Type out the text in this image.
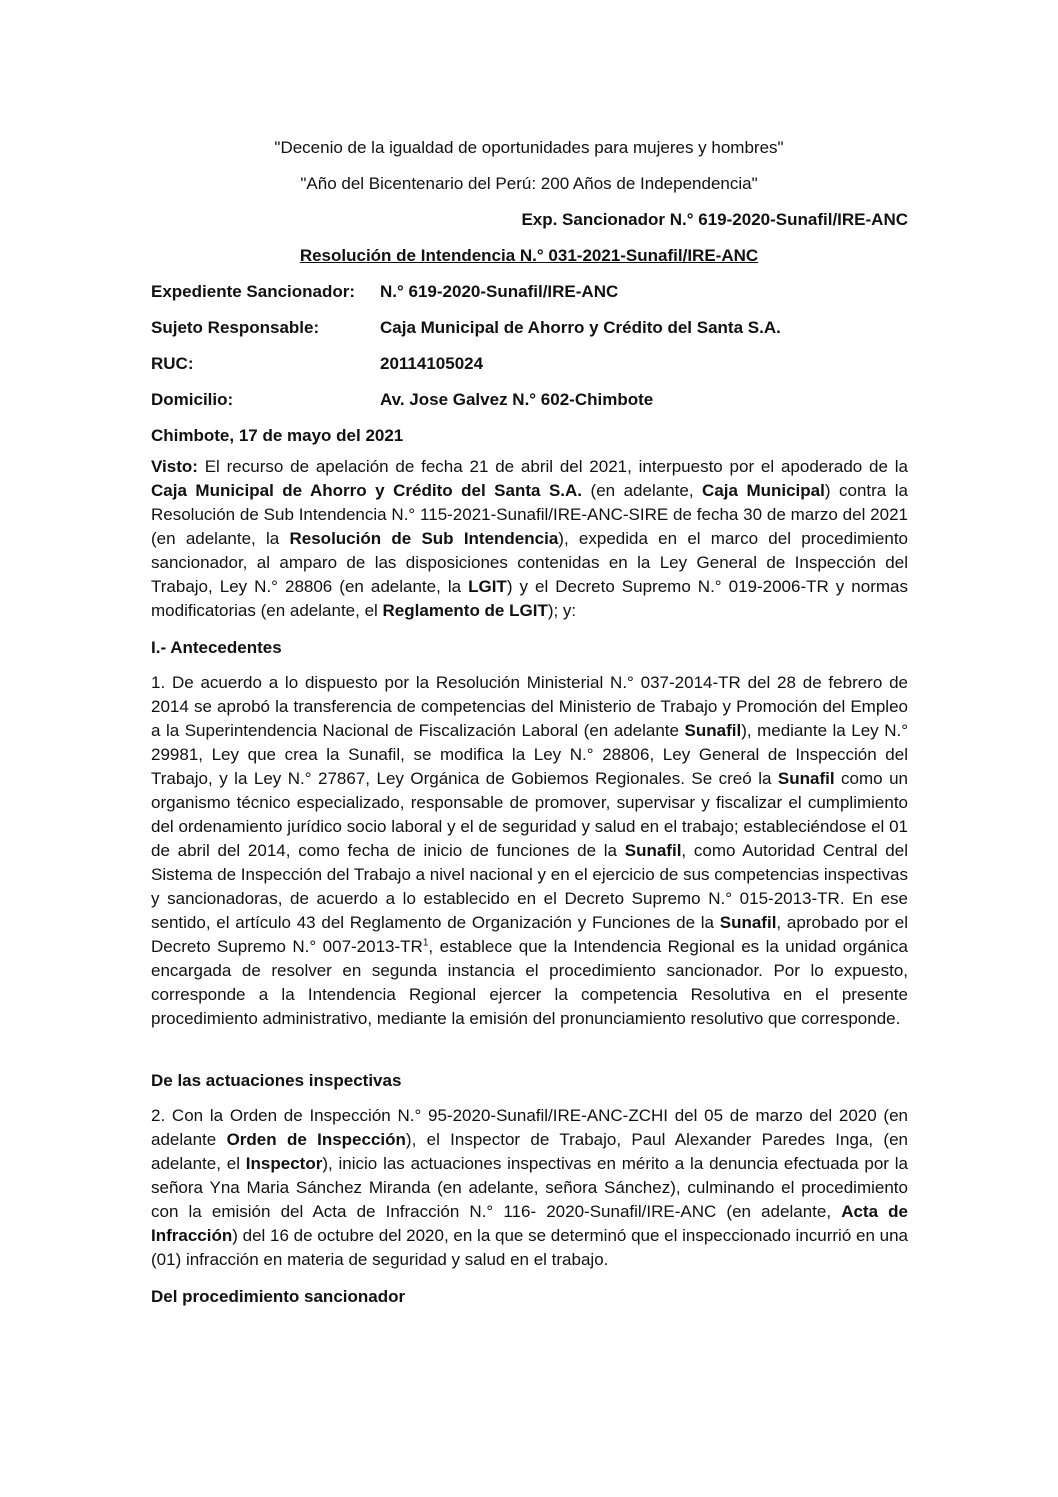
"Decenio de la igualdad de oportunidades para mujeres y hombres"
"Año del Bicentenario del Perú: 200 Años de Independencia"
Exp. Sancionador N.° 619-2020-Sunafil/IRE-ANC
Resolución de Intendencia N.° 031-2021-Sunafil/IRE-ANC
Expediente Sancionador: N.° 619-2020-Sunafil/IRE-ANC
Sujeto Responsable:	Caja Municipal de Ahorro y Crédito del Santa S.A.
RUC:	20114105024
Domicilio:	Av. Jose Galvez N.° 602-Chimbote
Chimbote, 17 de mayo del 2021

Visto: El recurso de apelación de fecha 21 de abril del 2021, interpuesto por el apoderado de la Caja Municipal de Ahorro y Crédito del Santa S.A. (en adelante, Caja Municipal) contra la Resolución de Sub Intendencia N.° 115-2021-Sunafil/IRE-ANC-SIRE de fecha 30 de marzo del 2021 (en adelante, la Resolución de Sub Intendencia), expedida en el marco del procedimiento sancionador, al amparo de las disposiciones contenidas en la Ley General de Inspección del Trabajo, Ley N.° 28806 (en adelante, la LGIT) y el Decreto Supremo N.° 019-2006-TR y normas modificatorias (en adelante, el Reglamento de LGIT); y:

I.- Antecedentes

1. De acuerdo a lo dispuesto por la Resolución Ministerial N.° 037-2014-TR del 28 de febrero de 2014 se aprobó la transferencia de competencias del Ministerio de Trabajo y Promoción del Empleo a la Superintendencia Nacional de Fiscalización Laboral (en adelante Sunafil), mediante la Ley N.° 29981, Ley que crea la Sunafil, se modifica la Ley N.° 28806, Ley General de Inspección del Trabajo, y la Ley N.° 27867, Ley Orgánica de Gobiemos Regionales. Se creó la Sunafil como un organismo técnico especializado, responsable de promover, supervisar y fiscalizar el cumplimiento del ordenamiento jurídico socio laboral y el de seguridad y salud en el trabajo; estableciéndose el 01 de abril del 2014, como fecha de inicio de funciones de la Sunafil, como Autoridad Central del Sistema de Inspección del Trabajo a nivel nacional y en el ejercicio de sus competencias inspectivas y sancionadoras, de acuerdo a lo establecido en el Decreto Supremo N.° 015-2013-TR. En ese sentido, el artículo 43 del Reglamento de Organización y Funciones de la Sunafil, aprobado por el Decreto Supremo N.° $007-2013-TR^1$, establece que la Intendencia Regional es la unidad orgánica encargada de resolver en segunda instancia el procedimiento sancionador. Por lo expuesto, corresponde a la Intendencia Regional ejercer la competencia Resolutiva en el presente procedimiento administrativo, mediante la emisión del pronunciamiento resolutivo que corresponde.

De las actuaciones inspectivas

2. Con la Orden de Inspección N.° 95-2020-Sunafil/IRE-ANC-ZCHI del 05 de marzo del 2020 (en adelante Orden de Inspección), el Inspector de Trabajo, Paul Alexander Paredes Inga, (en adelante, el Inspector), inicio las actuaciones inspectivas en mérito a la denuncia efectuada por la señora Yna Maria Sánchez Miranda (en adelante, señora Sánchez), culminando el procedimiento con la emisión del Acta de Infracción N.° 116- 2020-Sunafil/IRE-ANC (en adelante, Acta de Infracción) del 16 de octubre del 2020, en la que se determinó que el inspeccionado incurrió en una (01) infracción en materia de seguridad y salud en el trabajo.

Del procedimiento sancionador
